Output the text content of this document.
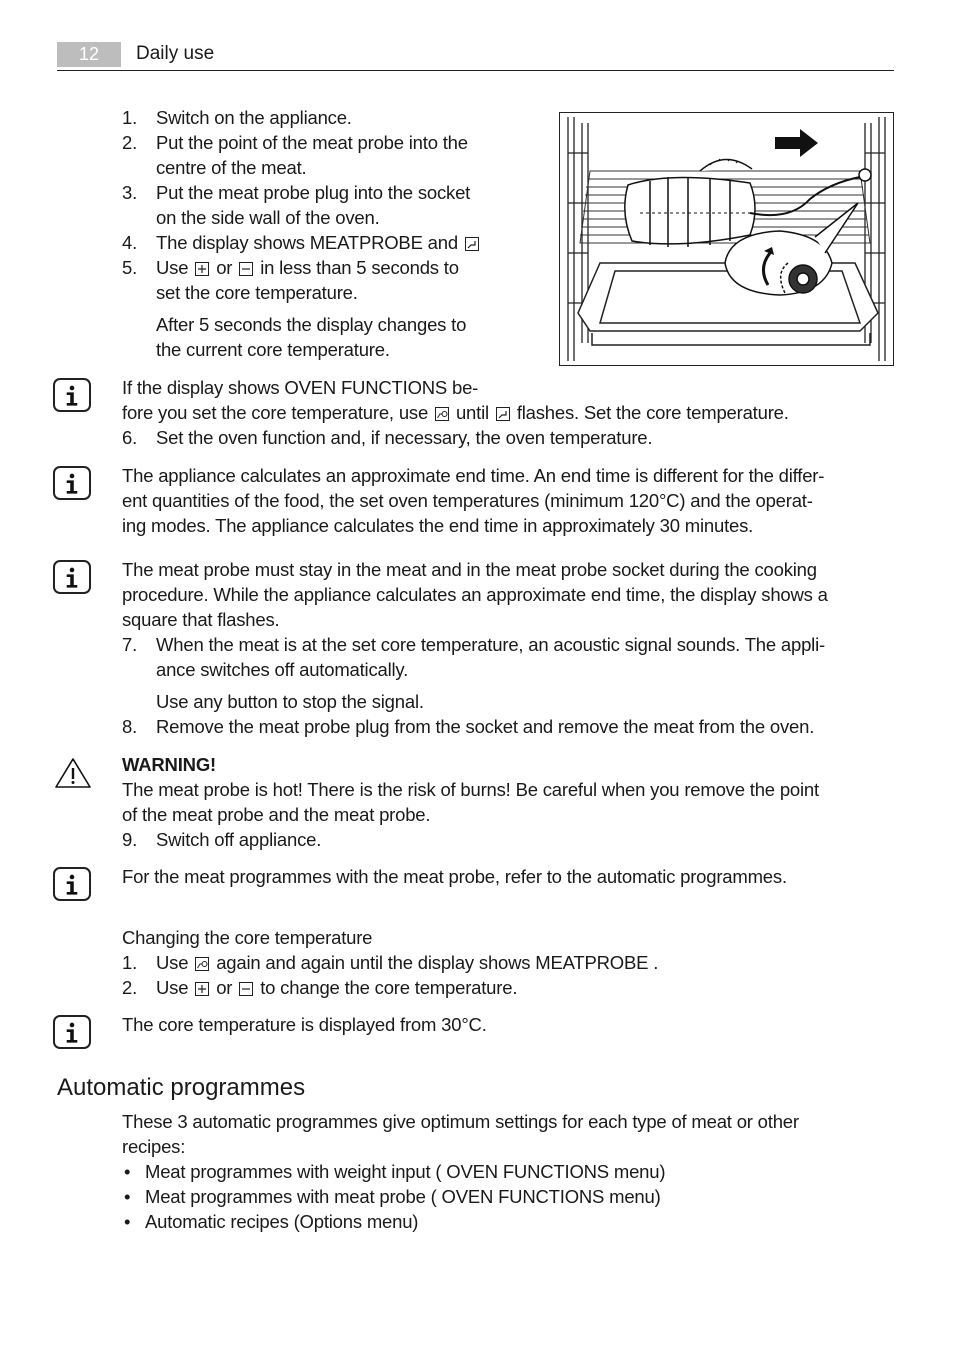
12	Daily use
1.	Switch on the appliance.
2.	Put the point of the meat probe into the
centre of the meat.
3.	Put the meat probe plug into the socket
on the side wall of the oven.
4.	The display shows MEATPROBE and
5.	Use or in less than 5 seconds to
set the core temperature.
After 5 seconds the display changes to
the current core temperature.
If the display shows OVEN FUNCTIONS be-
fore you set the core temperature, use until flashes. Set the core temperature.
6.	Set the oven function and, if necessary, the oven temperature.
The appliance calculates an approximate end time. An end time is different for the differ-
ent quantities of the food, the set oven temperatures (minimum 120°C) and the operat-
ing modes. The appliance calculates the end time in approximately 30 minutes.
The meat probe must stay in the meat and in the meat probe socket during the cooking
procedure. While the appliance calculates an approximate end time, the display shows a
square that flashes.
7.	When the meat is at the set core temperature, an acoustic signal sounds. The appli-
ance switches off automatically.
Use any button to stop the signal.
8.	Remove the meat probe plug from the socket and remove the meat from the oven.
WARNING!
The meat probe is hot! There is the risk of burns! Be careful when you remove the point
of the meat probe and the meat probe.
9.	Switch off appliance.
For the meat programmes with the meat probe, refer to the automatic programmes.
Changing the core temperature
1.	Use again and again until the display shows MEATPROBE .
2.	Use or to change the core temperature.
The core temperature is displayed from 30°C.
Automatic programmes
These 3 automatic programmes give optimum settings for each type of meat or other
recipes:
• Meat programmes with weight input ( OVEN FUNCTIONS menu)
• Meat programmes with meat probe ( OVEN FUNCTIONS menu)
• Automatic recipes (Options menu)
